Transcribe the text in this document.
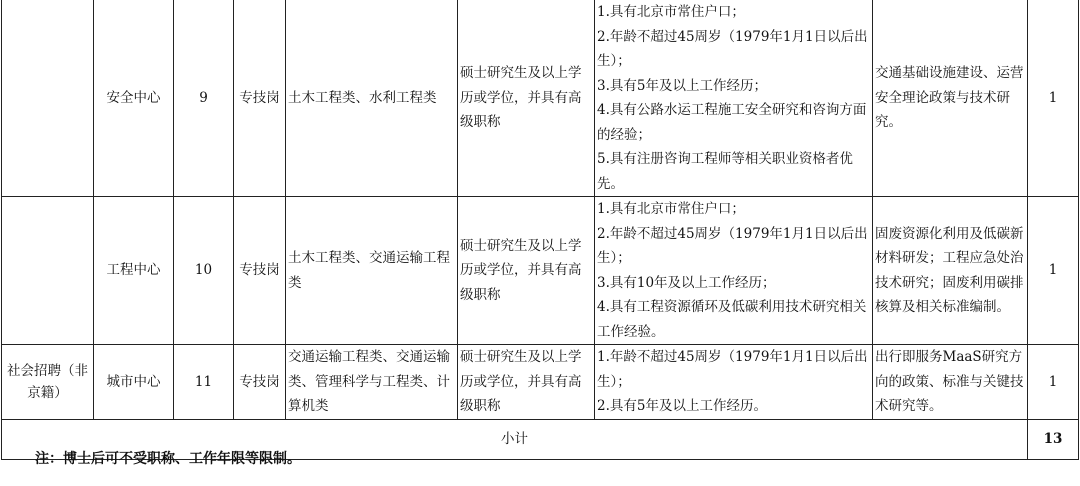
	安全中心	9	专技岗	土木工程类、水利工程类	硕士研究生及以上学历或学位，并具有高级职称	1.具有北京市常住户口；
2.年龄不超过45周岁（1979年1月1日以后出生）；
3.具有5年及以上工作经历；
4.具有公路水运工程施工安全研究和咨询方面的经验；
5.具有注册咨询工程师等相关职业资格者优先。	交通基础设施建设、运营安全理论政策与技术研究。	1
	工程中心	10	专技岗	土木工程类、交通运输工程类	硕士研究生及以上学历或学位，并具有高级职称	1.具有北京市常住户口；
2.年龄不超过45周岁（1979年1月1日以后出生）；
3.具有10年及以上工作经历；
4.具有工程资源循环及低碳利用技术研究相关工作经验。	固废资源化利用及低碳新材料研发；工程应急处治技术研究；固废利用碳排核算及相关标准编制。	1
社会招聘（非京籍）	城市中心	11	专技岗	交通运输工程类、交通运输类、管理科学与工程类、计算机类	硕士研究生及以上学历或学位，并具有高级职称	1.年龄不超过45周岁（1979年1月1日以后出生）；
2.具有5年及以上工作经历。	出行即服务MaaS研究方向的政策、标准与关键技术研究等。	1
小计								13
注：博士后可不受职称、工作年限等限制。
